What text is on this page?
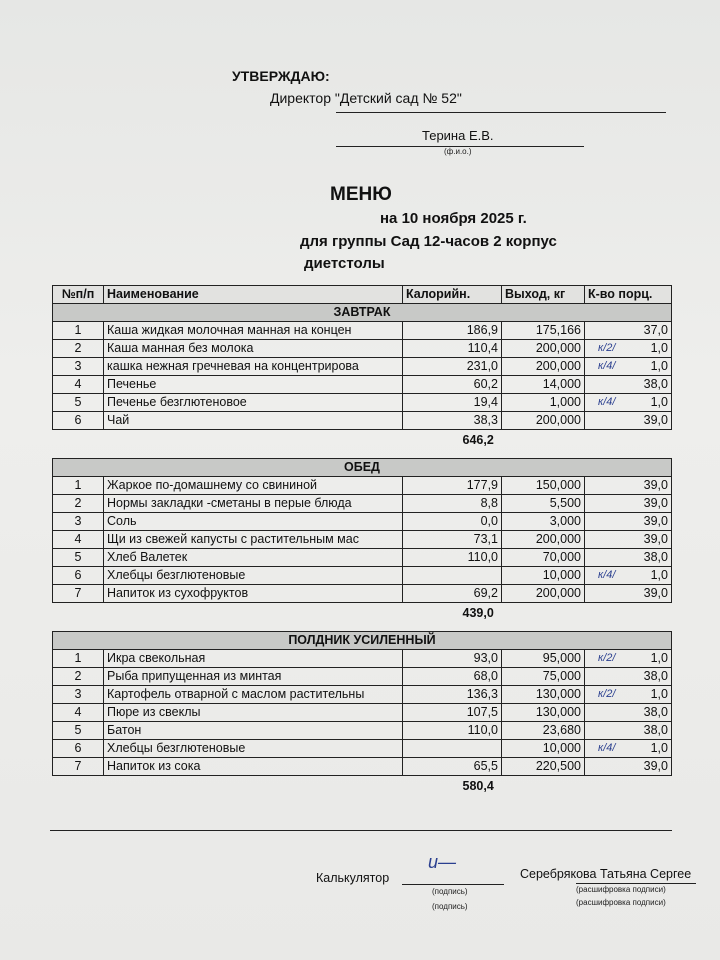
УТВЕРЖДАЮ:
Директор "Детский сад № 52"
Терина Е.В.
(ф.и.о.)
МЕНЮ
на 10 ноября 2025 г.
для группы Сад 12-часов 2 корпус
диетстолы
№п/п	Наименование	Калорийн.	Выход, кг	К-во порц.
ЗАВТРАК				
1	Каша жидкая молочная манная на концен	186,9	175,166	37,0
2	Каша манная без молока	110,4	200,000	к/2/ 1,0
3	кашка нежная гречневая на концентрирова	231,0	200,000	к/4/ 1,0
4	Печенье	60,2	14,000	38,0
5	Печенье безглютеновое	19,4	1,000	к/4/ 1,0
6	Чай	38,3	200,000	39,0

646,2				

ОБЕД				
1	Жаркое по-домашнему со свининой	177,9	150,000	39,0
2	Нормы закладки -сметаны в перые блюда	8,8	5,500	39,0
3	Соль	0,0	3,000	39,0
4	Щи из свежей капусты с растительным мас	73,1	200,000	39,0
5	Хлеб Валетек	110,0	70,000	38,0
6	Хлебцы безглютеновые		10,000	к/4/ 1,0
7	Напиток из сухофруктов	69,2	200,000	39,0

439,0				

ПОЛДНИК УСИЛЕННЫЙ				
1	Икра свекольная	93,0	95,000	к/2/ 1,0
2	Рыба припущенная из минтая	68,0	75,000	38,0
3	Картофель отварной с маслом растительны	136,3	130,000	к/2/ 1,0
4	Пюре из свеклы	107,5	130,000	38,0
5	Батон	110,0	23,680	38,0
6	Хлебцы безглютеновые		10,000	к/4/ 1,0
7	Напиток из сока	65,5	220,500	39,0

580,4				
Калькулятор
и—
(подпись)
(подпись)
Серебрякова Татьяна Сергее
(расшифровка подписи)
(расшифровка подписи)
